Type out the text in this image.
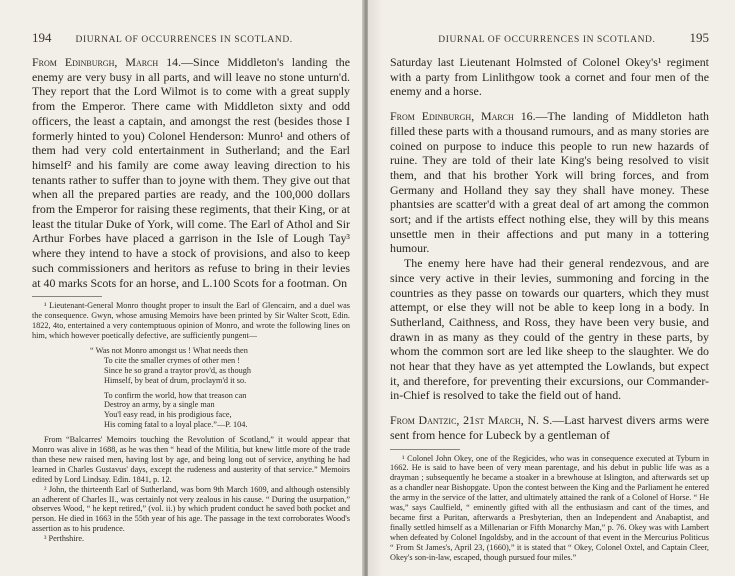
194	DIURNAL OF OCCURRENCES IN SCOTLAND.

From Edinburgh, March 14.—Since Middleton's landing the enemy are very busy in all parts, and will leave no stone unturn'd. They report that the Lord Wilmot is to come with a great supply from the Emperor. There came with Middleton sixty and odd officers, the least a captain, and amongst the rest (besides those I formerly hinted to you) Colonel Henderson: Munro¹ and others of them had very cold entertainment in Sutherland; and the Earl himself² and his family are come away leaving direction to his tenants rather to suffer than to joyne with them. They give out that when all the prepared parties are ready, and the 100,000 dollars from the Emperor for raising these regiments, that their King, or at least the titular Duke of York, will come. The Earl of Athol and Sir Arthur Forbes have placed a garrison in the Isle of Lough Tay³ where they intend to have a stock of provisions, and also to keep such commissioners and heritors as refuse to bring in their levies at 40 marks Scots for an horse, and L.100 Scots for a footman. On

¹ Lieutenant-General Monro thought proper to insult the Earl of Glencairn, and a duel was the consequence. Gwyn, whose amusing Memoirs have been printed by Sir Walter Scott, Edin. 1822, 4to, entertained a very contemptuous opinion of Monro, and wrote the following lines on him, which however poetically defective, are sufficiently pungent—

“ Was not Monro amongst us ! What needs then
To cite the smaller crymes of other men !
Since he so grand a traytor prov'd, as though
Himself, by beat of drum, proclaym'd it so.
To confirm the world, how that treason can
Destroy an army, by a single man
You'l easy read, in his prodigious face,
His coming fatal to a loyal place.”—P. 104.

From “Balcarres' Memoirs touching the Revolution of Scotland,” it would appear that Monro was alive in 1688, as he was then “ head of the Militia, but knew little more of the trade than these new raised men, having lost by age, and being long out of service, anything he had learned in Charles Gustavus' days, except the rudeness and austerity of that service.” Memoirs edited by Lord Lindsay. Edin. 1841, p. 12.

² John, the thirteenth Earl of Sutherland, was born 9th March 1609, and although ostensibly an adherent of Charles II., was certainly not very zealous in his cause. “ During the usurpation,” observes Wood, “ he kept retired,” (vol. ii.) by which prudent conduct he saved both pocket and person. He died in 1663 in the 55th year of his age. The passage in the text corroborates Wood's assertion as to his prudence.

³ Perthshire.

DIURNAL OF OCCURRENCES IN SCOTLAND.	195

Saturday last Lieutenant Holmsted of Colonel Okey's¹ regiment with a party from Linlithgow took a cornet and four men of the enemy and a horse.

From Edinburgh, March 16.—The landing of Middleton hath filled these parts with a thousand rumours, and as many stories are coined on purpose to induce this people to run new hazards of ruine. They are told of their late King's being resolved to visit them, and that his brother York will bring forces, and from Germany and Holland they say they shall have money. These phantsies are scatter'd with a great deal of art among the common sort; and if the artists effect nothing else, they will by this means unsettle men in their affections and put many in a tottering humour.

The enemy here have had their general rendezvous, and are since very active in their levies, summoning and forcing in the countries as they passe on towards our quarters, which they must attempt, or else they will not be able to keep long in a body. In Sutherland, Caithness, and Ross, they have been very busie, and drawn in as many as they could of the gentry in these parts, by whom the common sort are led like sheep to the slaughter. We do not hear that they have as yet attempted the Lowlands, but expect it, and therefore, for preventing their excursions, our Commander-in-Chief is resolved to take the field out of hand.

From Dantzic, 21st March, N. S.—Last harvest divers arms were sent from hence for Lubeck by a gentleman of

¹ Colonel John Okey, one of the Regicides, who was in consequence executed at Tyburn in 1662. He is said to have been of very mean parentage, and his debut in public life was as a drayman ; subsequently he became a stoaker in a brewhouse at Islington, and afterwards set up as a chandler near Bishopgate. Upon the contest between the King and the Parliament he entered the army in the service of the latter, and ultimately attained the rank of a Colonel of Horse. “ He was,” says Caulfield, “ eminently gifted with all the enthusiasm and cant of the times, and became first a Puritan, afterwards a Presbyterian, then an Independent and Anabaptist, and finally settled himself as a Millenarian or Fifth Monarchy Man,” p. 76. Okey was with Lambert when defeated by Colonel Ingoldsby, and in the account of that event in the Mercurius Politicus “ From St James's, April 23, (1660),” it is stated that “ Okey, Colonel Oxtel, and Captain Cleer, Okey's son-in-law, escaped, though pursued four miles.”
